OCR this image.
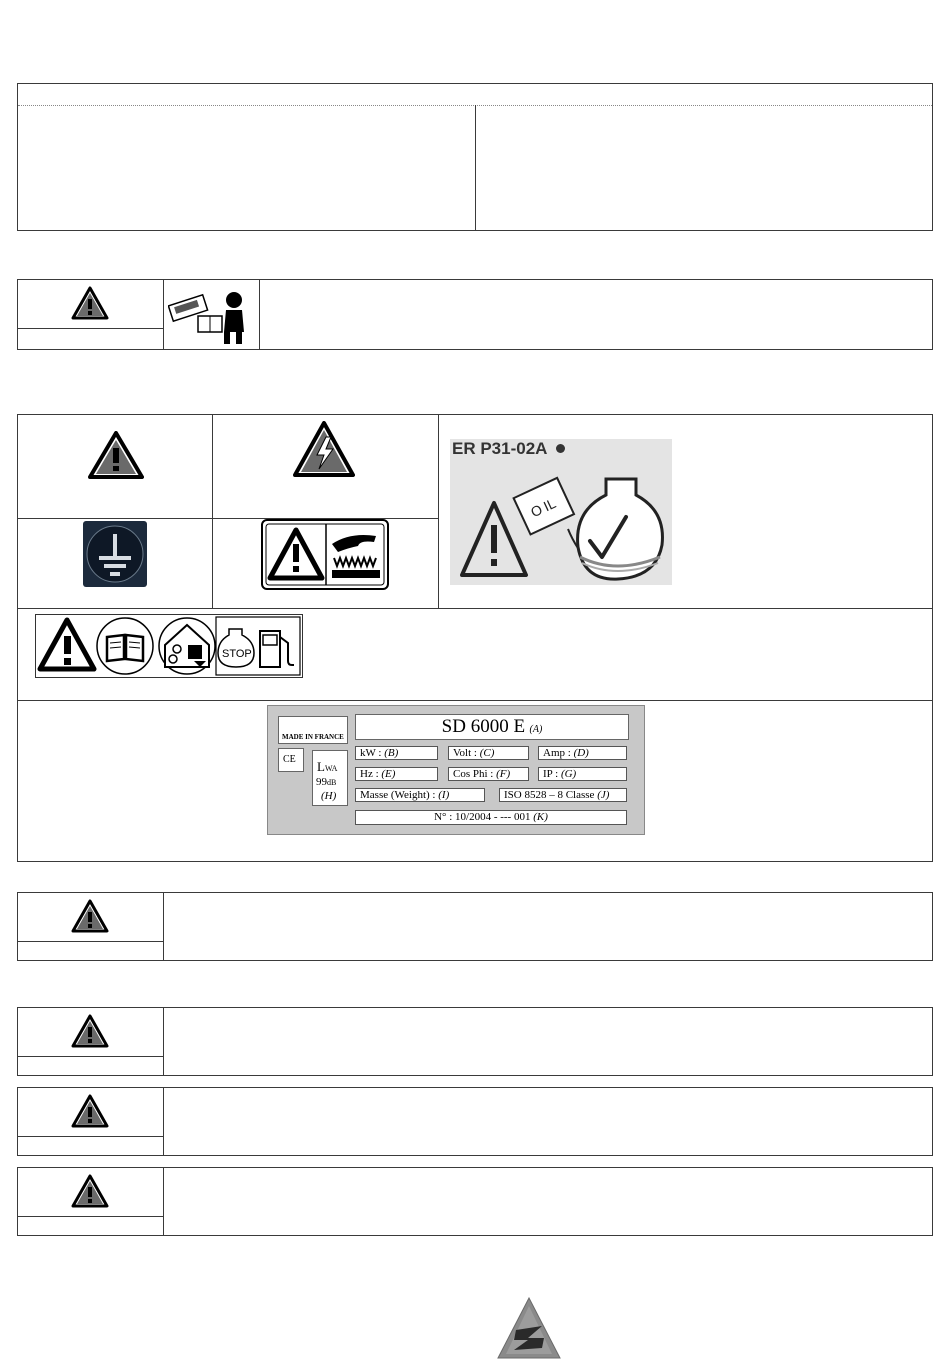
ER P31-02A
O
IL
STOP
MADE IN FRANCE
CE LWA
99dB
(H)
SD 6000 E (A)
kW : (B)	Volt : (C)	Amp : (D)
Hz : (E)	Cos Phi : (F)	IP : (G)
Masse (Weight) : (I)	ISO 8528 – 8 Classe (J)
N° : 10/2004 - --- 001 (K)
